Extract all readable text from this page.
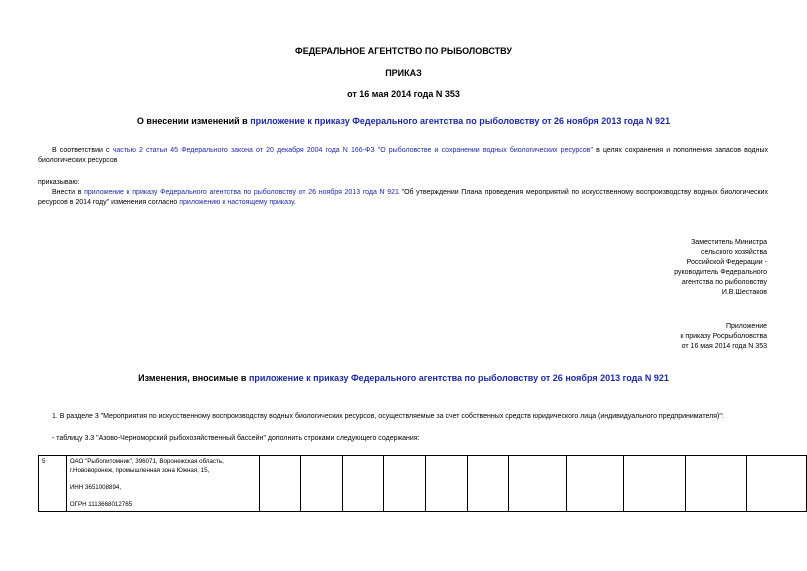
ФЕДЕРАЛЬНОЕ АГЕНТСТВО ПО РЫБОЛОВСТВУ
ПРИКАЗ
от 16 мая 2014 года N 353
О внесении изменений в приложение к приказу Федерального агентства по рыболовству от 26 ноября 2013 года N 921
В соответствии с частью 2 статьи 45 Федерального закона от 20 декабря 2004 года N 166-ФЗ "О рыболовстве и сохранении водных биологических ресурсов" в целях сохранения и пополнения запасов водных биологических ресурсов
приказываю:
Внести в приложение к приказу Федерального агентства по рыболовству от 26 ноября 2013 года N 921 "Об утверждении Плана проведения мероприятий по искусственному воспроизводству водных биологических ресурсов в 2014 году" изменения согласно приложению к настоящему приказу.
Заместитель Министра
сельского хозяйства
Российской Федерации -
руководитель Федерального
агентства по рыболовству
И.В.Шестаков
Приложение
к приказу Росрыболовства
от 16 мая 2014 года N 353
Изменения, вносимые в приложение к приказу Федерального агентства по рыболовству от 26 ноября 2013 года N 921
1. В разделе 3 "Мероприятия по искусственному воспроизводству водных биологических ресурсов, осуществляемые за счет собственных средств юридического лица (индивидуального предпринимателя)":
- таблицу 3.3 "Азово-Черноморский рыбохозяйственный бассейн" дополнить строками следующего содержания:
5	ОАО "Рыбопитомник", 396071, Воронежская область,
г.Нововоронеж, промышленная зона Южная, 15,
ИНН 3651008894,
ОГРН 1113668012765
